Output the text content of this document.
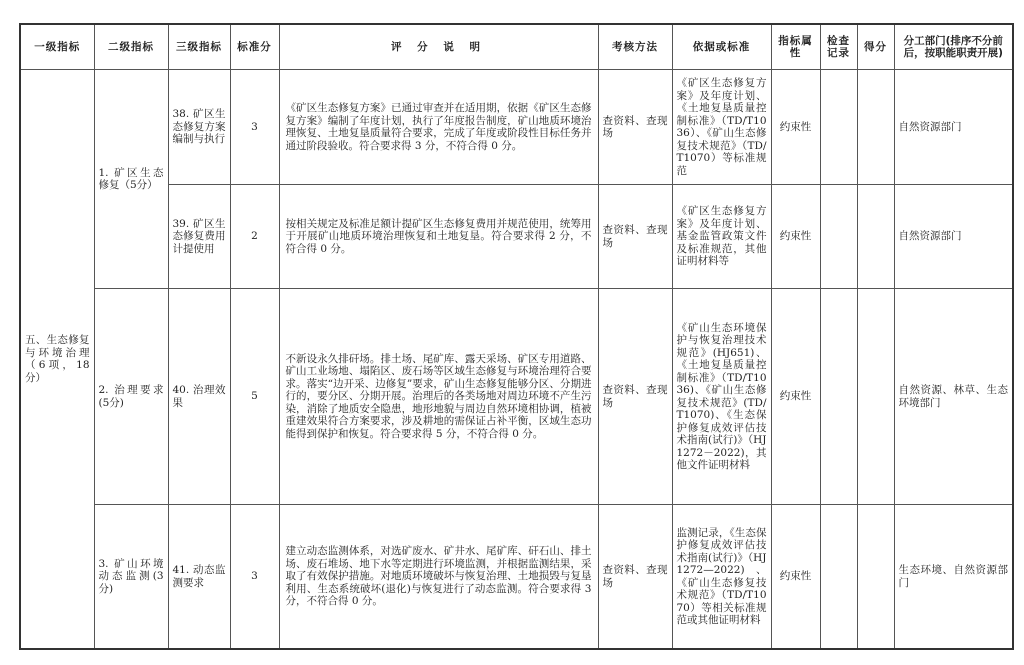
一级指标	二级指标	三级指标	标准分	评 分 说 明	考核方法	依据或标准	指标属性	检查记录	得分	分工部门(排序不分前后，按职能职责开展)
五、生态修复与环境治理（6项，18分）	1. 矿区生态修复（5分）	38. 矿区生态修复方案编制与执行	3	《矿区生态修复方案》已通过审查并在适用期，依据《矿区生态修复方案》编制了年度计划，执行了年度报告制度，矿山地质环境治理恢复、土地复垦质量符合要求，完成了年度或阶段性目标任务并通过阶段验收。符合要求得 3 分，不符合得 0 分。	查资料、查现场	《矿区生态修复方案》及年度计划、《土地复垦质量控制标准》（TD/T1036）、《矿山生态修复技术规范》（TD/T1070）等标准规范	约束性			自然资源部门
		39. 矿区生态修复费用计提使用	2	按相关规定及标准足额计提矿区生态修复费用并规范使用，统筹用于开展矿山地质环境治理恢复和土地复垦。符合要求得 2 分，不符合得 0 分。	查资料、查现场	《矿区生态修复方案》及年度计划、基金监管政策文件及标准规范，其他证明材料等	约束性			自然资源部门
	2. 治理要求(5分)	40. 治理效果	5	不新设永久排矸场。排土场、尾矿库、露天采场、矿区专用道路、矿山工业场地、塌陷区、废石场等区域生态修复与环境治理符合要求。落实“边开采、边修复”要求，矿山生态修复能够分区、分期进行的，要分区、分期开展。治理后的各类场地对周边环境不产生污染，消除了地质安全隐患，地形地貌与周边自然环境相协调，植被重建效果符合方案要求，涉及耕地的需保证占补平衡，区域生态功能得到保护和恢复。符合要求得 5 分，不符合得 0 分。	查资料、查现场	《矿山生态环境保护与恢复治理技术规范》(HJ651)、《土地复垦质量控制标准》（TD/T1036)、《矿山生态修复技术规范》(TD/T1070)、《生态保护修复成效评估技术指南(试行)》（HJ1272－2022)，其他文件证明材料	约束性			自然资源、林草、生态环境部门
	3. 矿山环境动态监测(3分)	41. 动态监测要求	3	建立动态监测体系，对选矿废水、矿井水、尾矿库、矸石山、排土场、废石堆场、地下水等定期进行环境监测，并根据监测结果，采取了有效保护措施。对地质环境破坏与恢复治理、土地损毁与复垦利用、生态系统破坏(退化)与恢复进行了动态监测。符合要求得 3 分，不符合得 0 分。	查资料、查现场	监测记录，《生态保护修复成效评估技术指南(试行)》（HJ1272—2022)、《矿山生态修复技术规范》（TD/T1070）等相关标准规范或其他证明材料	约束性			生态环境、自然资源部门
